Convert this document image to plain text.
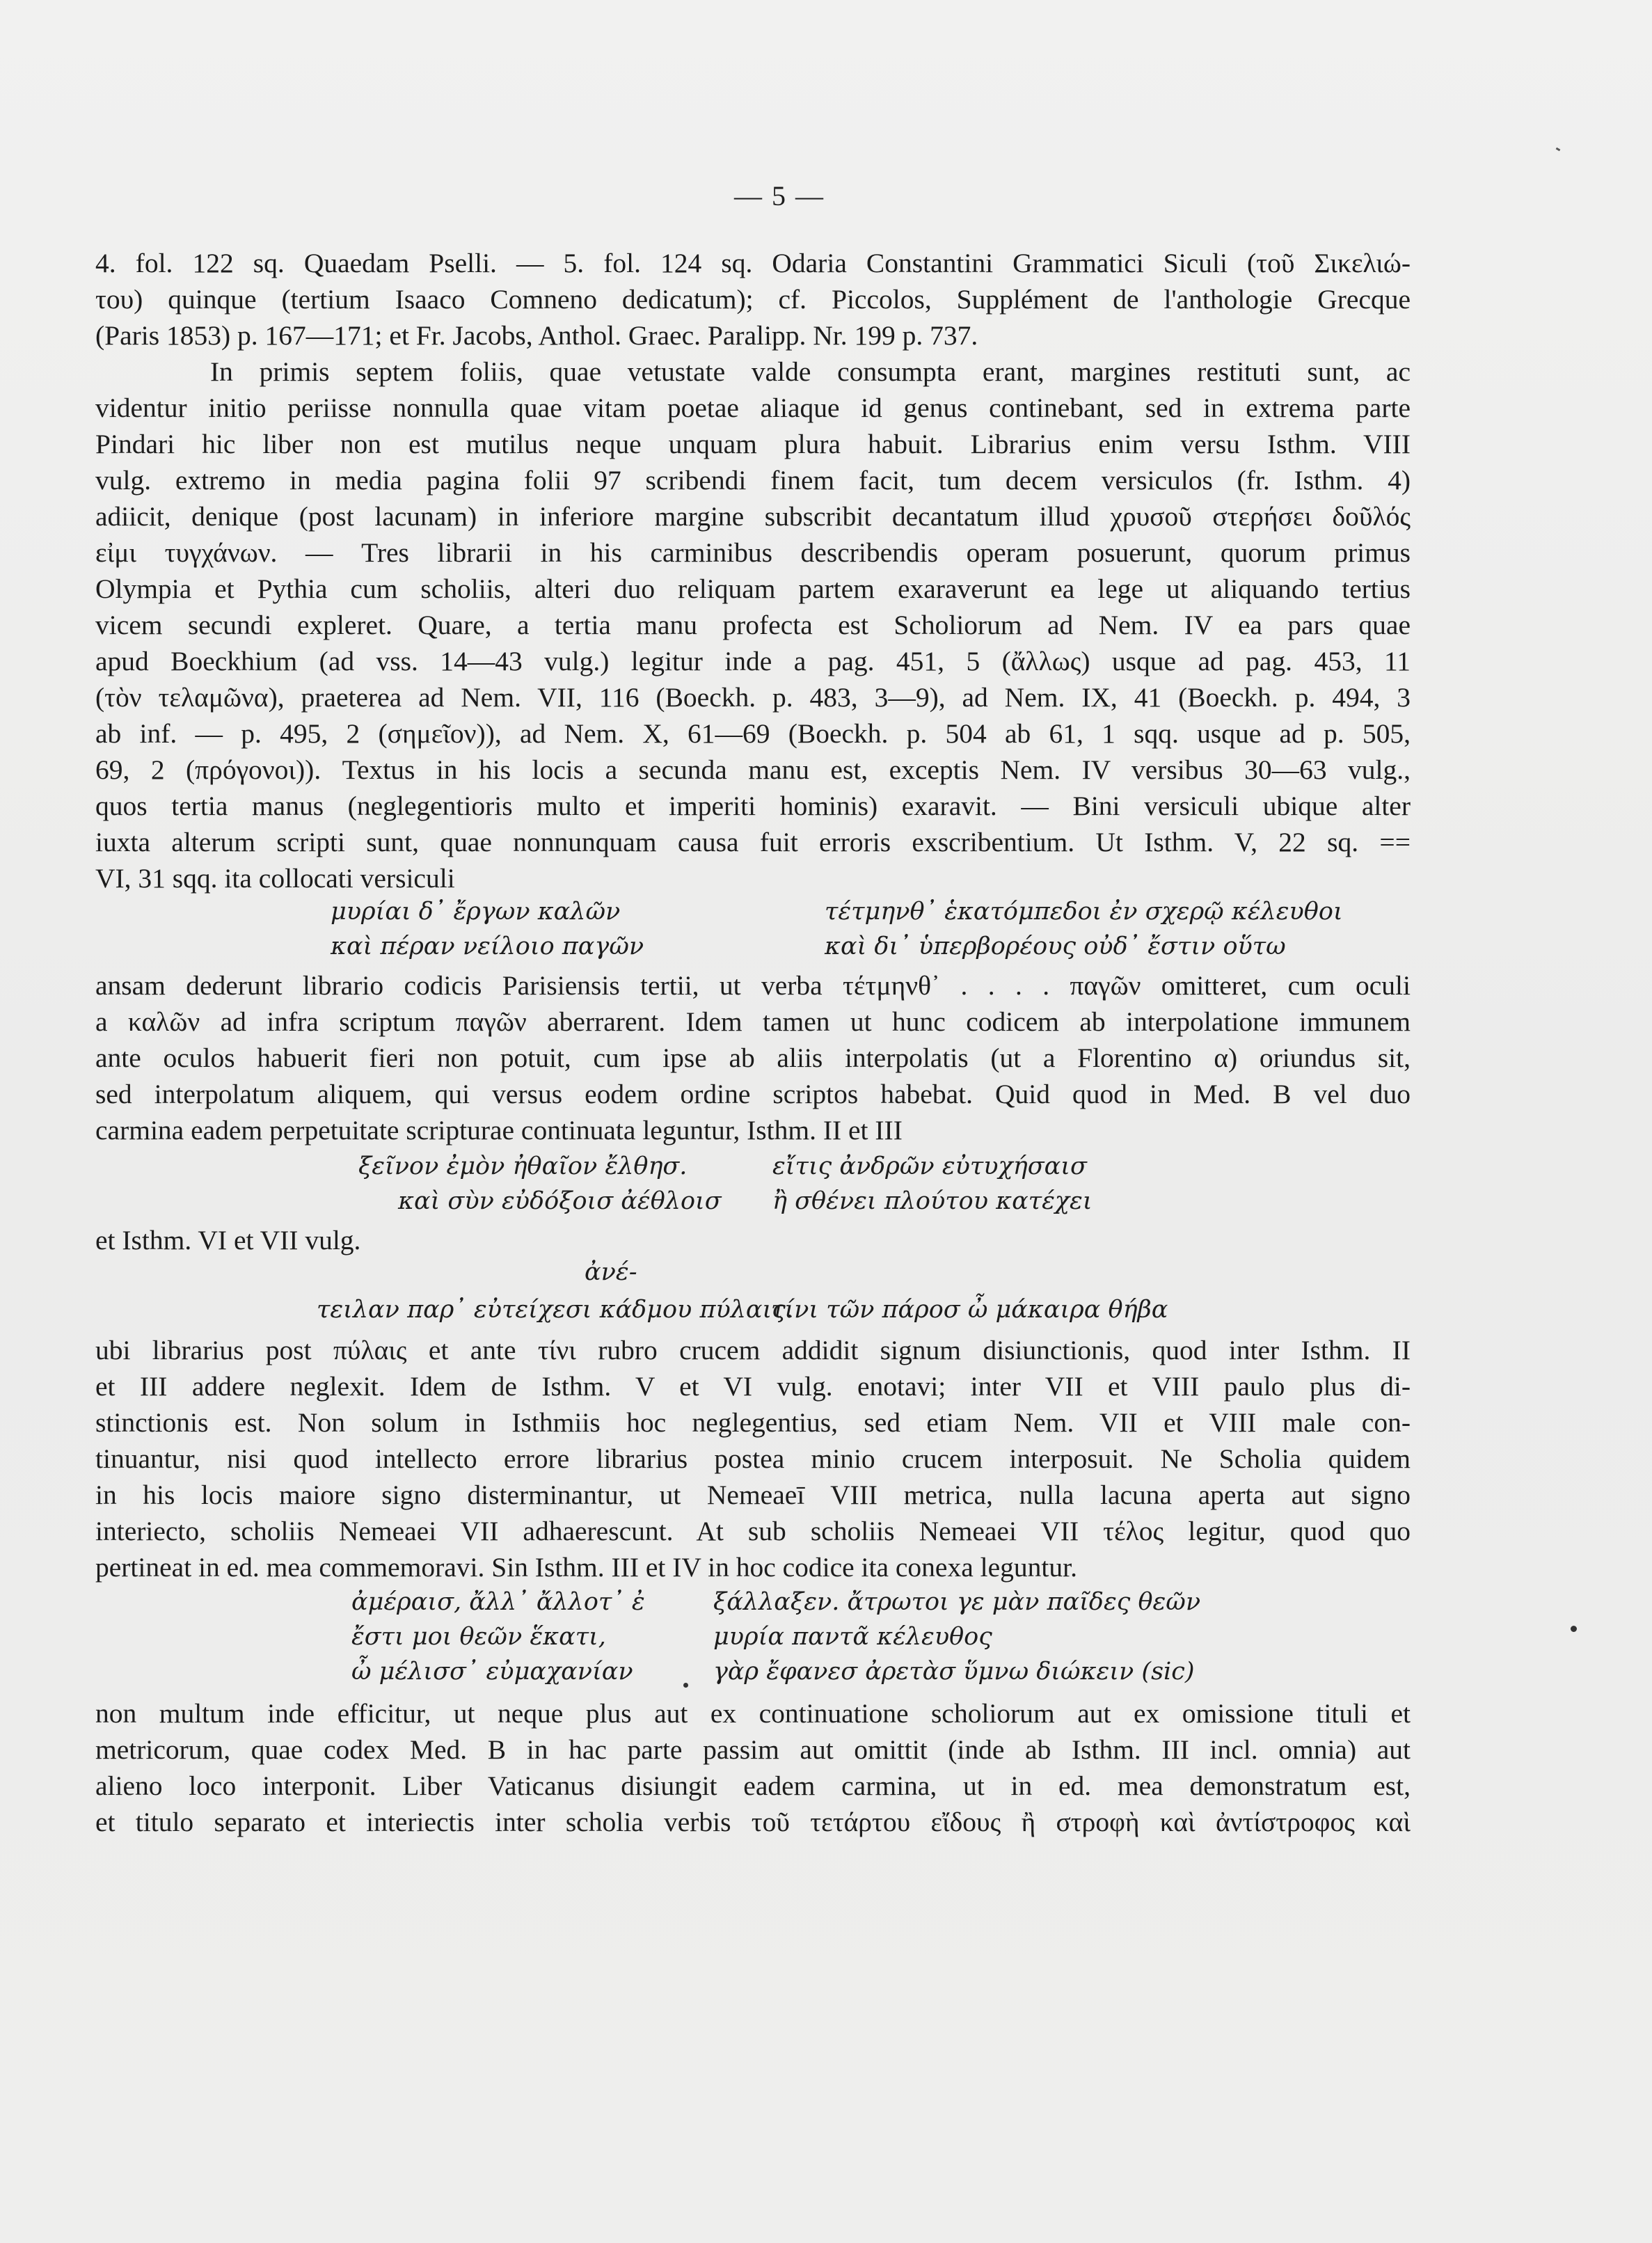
— 5 —
4. fol. 122 sq. Quaedam Pselli. — 5. fol. 124 sq. Odaria Constantini Grammatici Siculi (τοῦ Σικελιώ-
του) quinque (tertium Isaaco Comneno dedicatum); cf. Piccolos, Supplément de l'anthologie Grecque
(Paris 1853) p. 167—171; et Fr. Jacobs, Anthol. Graec. Paralipp. Nr. 199 p. 737.
In primis septem foliis, quae vetustate valde consumpta erant, margines restituti sunt, ac
videntur initio periisse nonnulla quae vitam poetae aliaque id genus continebant, sed in extrema parte
Pindari hic liber non est mutilus neque unquam plura habuit. Librarius enim versu Isthm. VIII
vulg. extremo in media pagina folii 97 scribendi finem facit, tum decem versiculos (fr. Isthm. 4)
adiicit, denique (post lacunam) in inferiore margine subscribit decantatum illud χρυσοῦ στερήσει δοῦλός
εἰμι τυγχάνων. — Tres librarii in his carminibus describendis operam posuerunt, quorum primus
Olympia et Pythia cum scholiis, alteri duo reliquam partem exaraverunt ea lege ut aliquando tertius
vicem secundi expleret. Quare, a tertia manu profecta est Scholiorum ad Nem. IV ea pars quae
apud Boeckhium (ad vss. 14—43 vulg.) legitur inde a pag. 451, 5 (ἄλλως) usque ad pag. 453, 11
(τὸν τελαμῶνα), praeterea ad Nem. VII, 116 (Boeckh. p. 483, 3—9), ad Nem. IX, 41 (Boeckh. p. 494, 3
ab inf. — p. 495, 2 (σημεῖον)), ad Nem. X, 61—69 (Boeckh. p. 504 ab 61, 1 sqq. usque ad p. 505,
69, 2 (πρόγονοι)). Textus in his locis a secunda manu est, exceptis Nem. IV versibus 30—63 vulg.,
quos tertia manus (neglegentioris multo et imperiti hominis) exaravit. — Bini versiculi ubique alter
iuxta alterum scripti sunt, quae nonnunquam causa fuit erroris exscribentium. Ut Isthm. V, 22 sq. ==
VI, 31 sqq. ita collocati versiculi
μυρίαι δ᾽ ἔργων καλῶν	τέτμηνθ᾽ ἑκατόμπεδοι ἐν σχερῷ κέλευθοι
καὶ πέραν νείλοιο παγῶν	καὶ δι᾽ ὑπερβορέους οὐδ᾽ ἔστιν οὕτω
ansam dederunt librario codicis Parisiensis tertii, ut verba τέτμηνθ᾽ . . . . παγῶν omitteret, cum oculi
a καλῶν ad infra scriptum παγῶν aberrarent. Idem tamen ut hunc codicem ab interpolatione immunem
ante oculos habuerit fieri non potuit, cum ipse ab aliis interpolatis (ut a Florentino α) oriundus sit,
sed interpolatum aliquem, qui versus eodem ordine scriptos habebat. Quid quod in Med. B vel duo
carmina eadem perpetuitate scripturae continuata leguntur, Isthm. II et III
ξεῖνον ἐμὸν ἠθαῖον ἔλθησ.	εἴτις ἀνδρῶν εὐτυχήσαισ
καὶ σὺν εὐδόξοισ ἀέθλοισ ἢ σθένει πλούτου κατέχει
et Isthm. VI et VII vulg.
ἀνέ-
τειλαν παρ᾽ εὐτείχεσι κάδμου πύλαις.
τίνι τῶν πάροσ ὦ μάκαιρα θήβα
ubi librarius post πύλαις et ante τίνι rubro crucem addidit signum disiunctionis, quod inter Isthm. II
et III addere neglexit. Idem de Isthm. V et VI vulg. enotavi; inter VII et VIII paulo plus di-
stinctionis est. Non solum in Isthmiis hoc neglegentius, sed etiam Nem. VII et VIII male con-
tinuantur, nisi quod intellecto errore librarius postea minio crucem interposuit. Ne Scholia quidem
in his locis maiore signo disterminantur, ut Nemeaeī VIII metrica, nulla lacuna aperta aut signo
interiecto, scholiis Nemeaei VII adhaerescunt. At sub scholiis Nemeaei VII τέλος legitur, quod quo
pertineat in ed. mea commemoravi. Sin Isthm. III et IV in hoc codice ita conexa leguntur.
ἀμέραισ, ἄλλ᾽ ἄλλοτ᾽ ἐ	ξάλλαξεν. ἄτρωτοι γε μὰν παῖδες θεῶν
ἔστι μοι θεῶν ἕκατι,	μυρία παντᾶ κέλευθος
ὦ μέλισσ᾽ εὐμαχανίαν	γὰρ ἔφανεσ ἀρετὰσ ὕμνω διώκειν (sic)
non multum inde efficitur, ut neque plus aut ex continuatione scholiorum aut ex omissione tituli et
metricorum, quae codex Med. B in hac parte passim aut omittit (inde ab Isthm. III incl. omnia) aut
alieno loco interponit. Liber Vaticanus disiungit eadem carmina, ut in ed. mea demonstratum est,
et titulo separato et interiectis inter scholia verbis τοῦ τετάρτου εἴδους ἢ στροφὴ καὶ ἀντίστροφος καὶ
